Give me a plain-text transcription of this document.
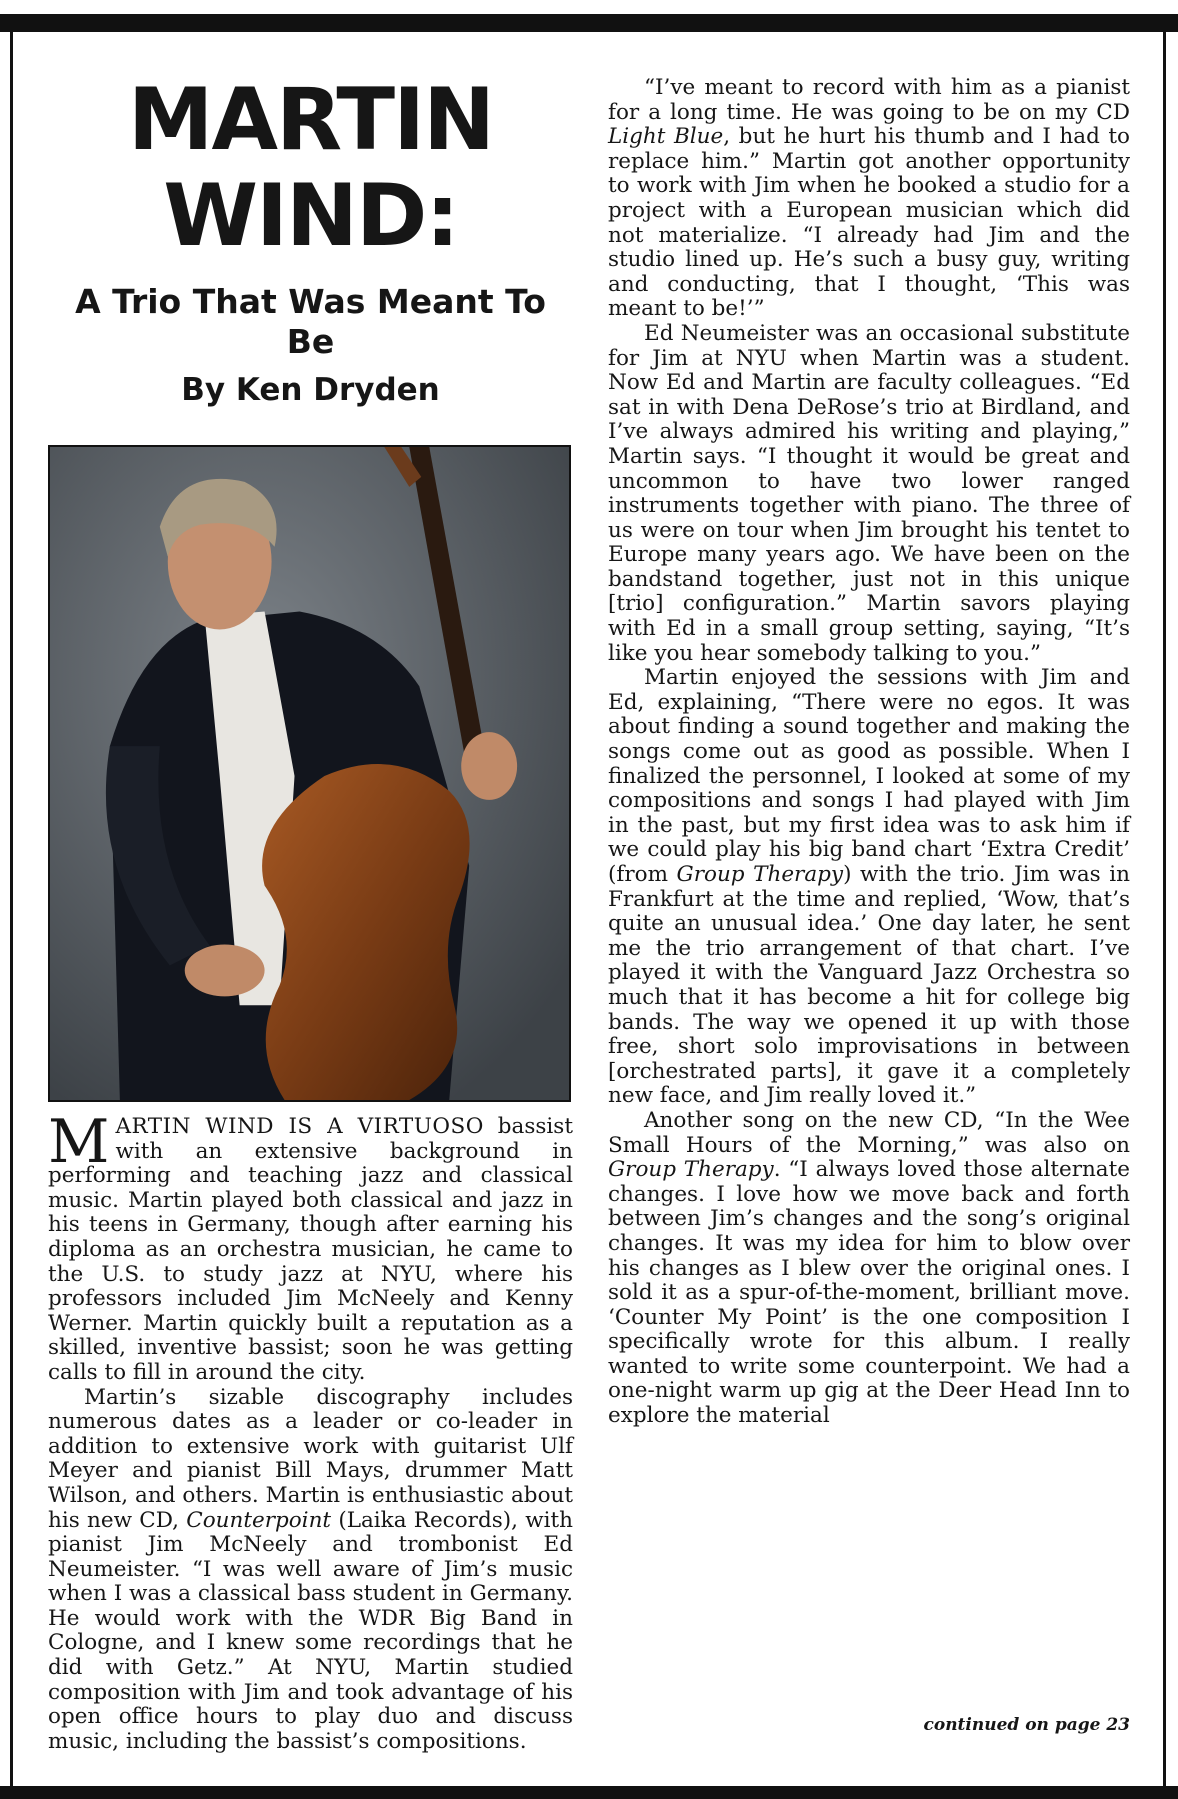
MARTIN
WIND:
A Trio That Was Meant To Be
By Ken Dryden

MARTIN WIND IS A VIRTUOSO bassist with an extensive background in performing and teaching jazz and classical music. Martin played both classical and jazz in his teens in Germany, though after earning his diploma as an orchestra musician, he came to the U.S. to study jazz at NYU, where his professors included Jim McNeely and Kenny Werner. Martin quickly built a reputation as a skilled, inventive bassist; soon he was getting calls to fill in around the city.

Martin’s sizable discography includes numerous dates as a leader or co-leader in addition to extensive work with guitarist Ulf Meyer and pianist Bill Mays, drummer Matt Wilson, and others. Martin is enthusiastic about his new CD, Counterpoint (Laika Records), with pianist Jim McNeely and trombonist Ed Neumeister. “I was well aware of Jim’s music when I was a classical bass student in Germany. He would work with the WDR Big Band in Cologne, and I knew some recordings that he did with Getz.” At NYU, Martin studied composition with Jim and took advantage of his open office hours to play duo and discuss music, including the bassist’s compositions.

“I’ve meant to record with him as a pianist for a long time. He was going to be on my CD Light Blue, but he hurt his thumb and I had to replace him.” Martin got another opportunity to work with Jim when he booked a studio for a project with a European musician which did not materialize. “I already had Jim and the studio lined up. He’s such a busy guy, writing and conducting, that I thought, ‘This was meant to be!’”

Ed Neumeister was an occasional substitute for Jim at NYU when Martin was a student. Now Ed and Martin are faculty colleagues. “Ed sat in with Dena DeRose’s trio at Birdland, and I’ve always admired his writing and playing,” Martin says. “I thought it would be great and uncommon to have two lower ranged instruments together with piano. The three of us were on tour when Jim brought his tentet to Europe many years ago. We have been on the bandstand together, just not in this unique [trio] configuration.” Martin savors playing with Ed in a small group setting, saying, “It’s like you hear somebody talking to you.”

Martin enjoyed the sessions with Jim and Ed, explaining, “There were no egos. It was about finding a sound together and making the songs come out as good as possible. When I finalized the personnel, I looked at some of my compositions and songs I had played with Jim in the past, but my first idea was to ask him if we could play his big band chart ‘Extra Credit’ (from Group Therapy) with the trio. Jim was in Frankfurt at the time and replied, ‘Wow, that’s quite an unusual idea.’ One day later, he sent me the trio arrangement of that chart. I’ve played it with the Vanguard Jazz Orchestra so much that it has become a hit for college big bands. The way we opened it up with those free, short solo improvisations in between [orchestrated parts], it gave it a completely new face, and Jim really loved it.”

Another song on the new CD, “In the Wee Small Hours of the Morning,” was also on Group Therapy. “I always loved those alternate changes. I love how we move back and forth between Jim’s changes and the song’s original changes. It was my idea for him to blow over his changes as I blew over the original ones. I sold it as a spur-of-the-moment, brilliant move. ‘Counter My Point’ is the one composition I specifically wrote for this album. I really wanted to write some counterpoint. We had a one-night warm up gig at the Deer Head Inn to explore the material

continued on page 23
